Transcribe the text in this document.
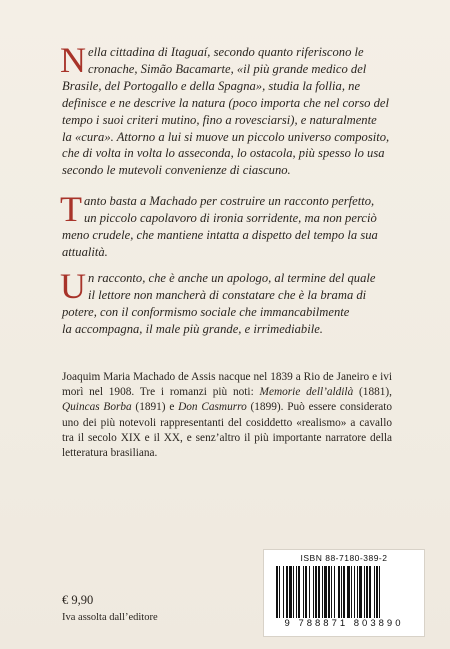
N ella cittadina di Itaguaí, secondo quanto riferiscono le
cronache, Simão Bacamarte, «il più grande medico del
Brasile, del Portogallo e della Spagna», studia la follia, ne
definisce e ne descrive la natura (poco importa che nel corso del
tempo i suoi criteri mutino, fino a rovesciarsi), e naturalmente
la «cura». Attorno a lui si muove un piccolo universo composito,
che di volta in volta lo asseconda, lo ostacola, più spesso lo usa
secondo le mutevoli convenienze di ciascuno.
T anto basta a Machado per costruire un racconto perfetto,
un piccolo capolavoro di ironia sorridente, ma non perciò
meno crudele, che mantiene intatta a dispetto del tempo la sua
attualità.
U n racconto, che è anche un apologo, al termine del quale
il lettore non mancherà di constatare che è la brama di
potere, con il conformismo sociale che immancabilmente
la accompagna, il male più grande, e irrimediabile.
Joaquim Maria Machado de Assis nacque nel 1839 a Rio de Janeiro e ivi morì nel 1908. Tre i romanzi più noti: Memorie dell’aldilà (1881), Quincas Borba (1891) e Don Casmurro (1899). Può essere considerato uno dei più notevoli rappresentanti del cosiddetto «realismo» a cavallo tra il secolo XIX e il XX, e senz’altro il più importante narratore della letteratura brasiliana.
€ 9,90
Iva assolta dall’editore
ISBN 88-7180-389-2
9 788871 803890
